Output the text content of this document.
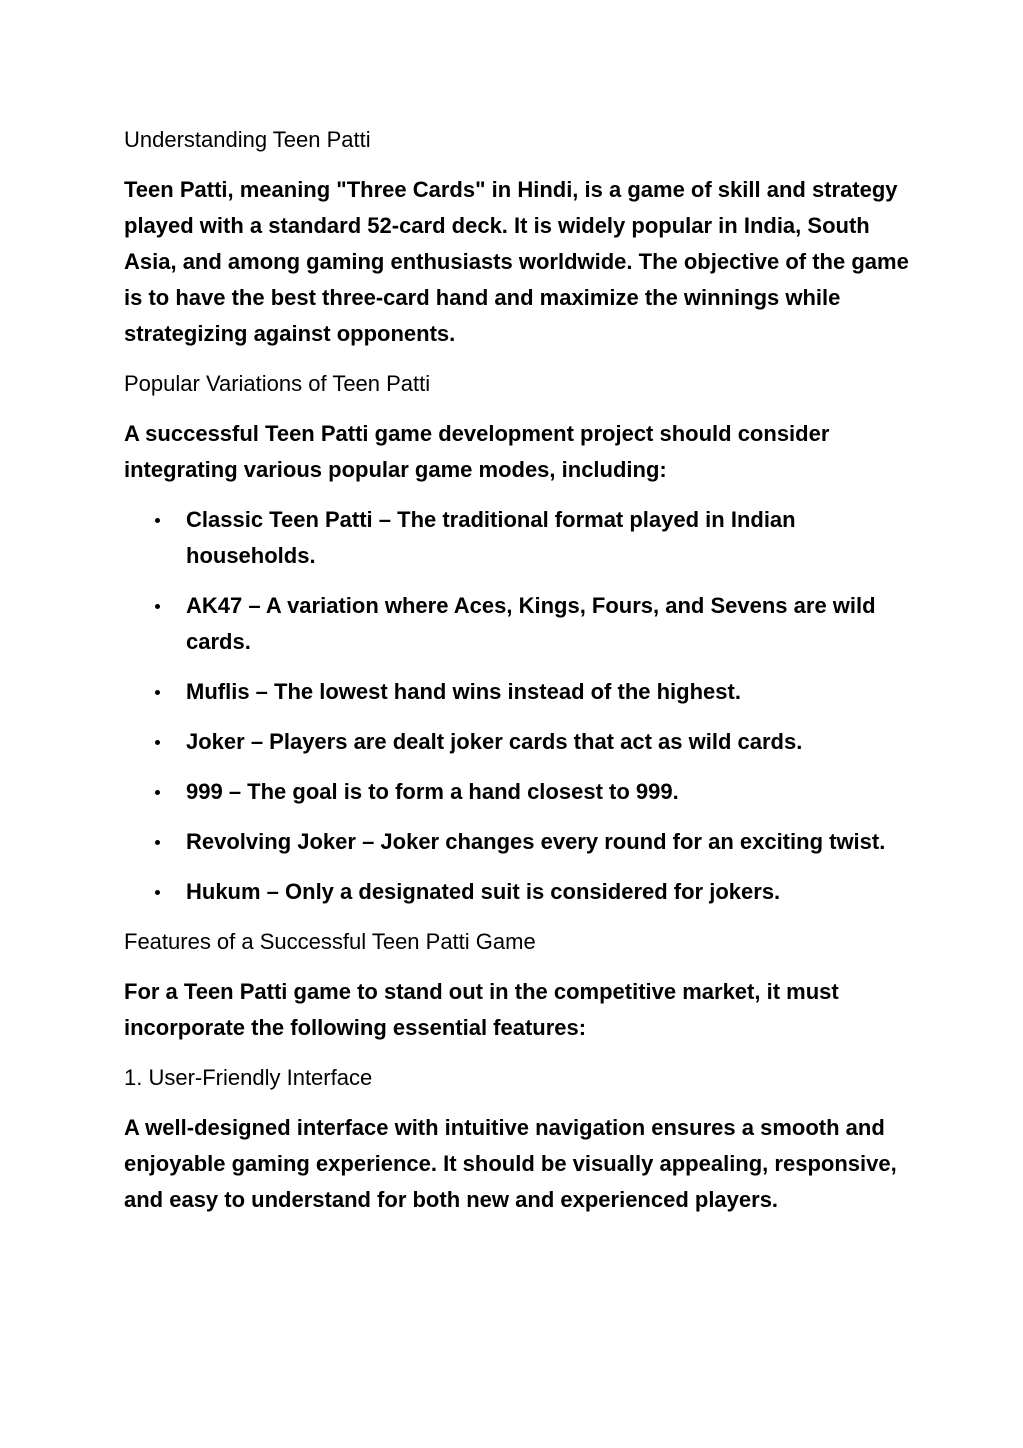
Understanding Teen Patti

Teen Patti, meaning "Three Cards" in Hindi, is a game of skill and strategy played with a standard 52-card deck. It is widely popular in India, South Asia, and among gaming enthusiasts worldwide. The objective of the game is to have the best three-card hand and maximize the winnings while strategizing against opponents.

Popular Variations of Teen Patti

A successful Teen Patti game development project should consider integrating various popular game modes, including:

Classic Teen Patti – The traditional format played in Indian households.
AK47 – A variation where Aces, Kings, Fours, and Sevens are wild cards.
Muflis – The lowest hand wins instead of the highest.
Joker – Players are dealt joker cards that act as wild cards.
999 – The goal is to form a hand closest to 999.
Revolving Joker – Joker changes every round for an exciting twist.
Hukum – Only a designated suit is considered for jokers.
Features of a Successful Teen Patti Game

For a Teen Patti game to stand out in the competitive market, it must incorporate the following essential features:

1. User-Friendly Interface

A well-designed interface with intuitive navigation ensures a smooth and enjoyable gaming experience. It should be visually appealing, responsive, and easy to understand for both new and experienced players.
